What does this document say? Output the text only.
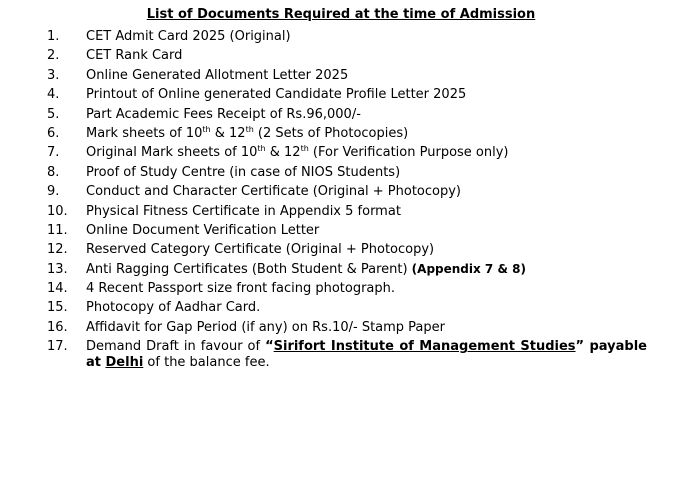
List of Documents Required at the time of Admission
1.	CET Admit Card 2025 (Original)
2.	CET Rank Card
3.	Online Generated Allotment Letter 2025
4.	Printout of Online generated Candidate Profile Letter 2025
5.	Part Academic Fees Receipt of Rs.96,000/-
6.	Mark sheets of 10th & 12th (2 Sets of Photocopies)
7.	Original Mark sheets of 10th & 12th (For Verification Purpose only)
8.	Proof of Study Centre (in case of NIOS Students)
9.	Conduct and Character Certificate (Original + Photocopy)
10.	Physical Fitness Certificate in Appendix 5 format
11.	Online Document Verification Letter
12.	Reserved Category Certificate (Original + Photocopy)
13.	Anti Ragging Certificates (Both Student & Parent) (Appendix 7 & 8)
14.	4 Recent Passport size front facing photograph.
15.	Photocopy of Aadhar Card.
16.	Affidavit for Gap Period (if any) on Rs.10/- Stamp Paper
17.	Demand Draft in favour of “Sirifort Institute of Management Studies” payable at Delhi of the balance fee.
